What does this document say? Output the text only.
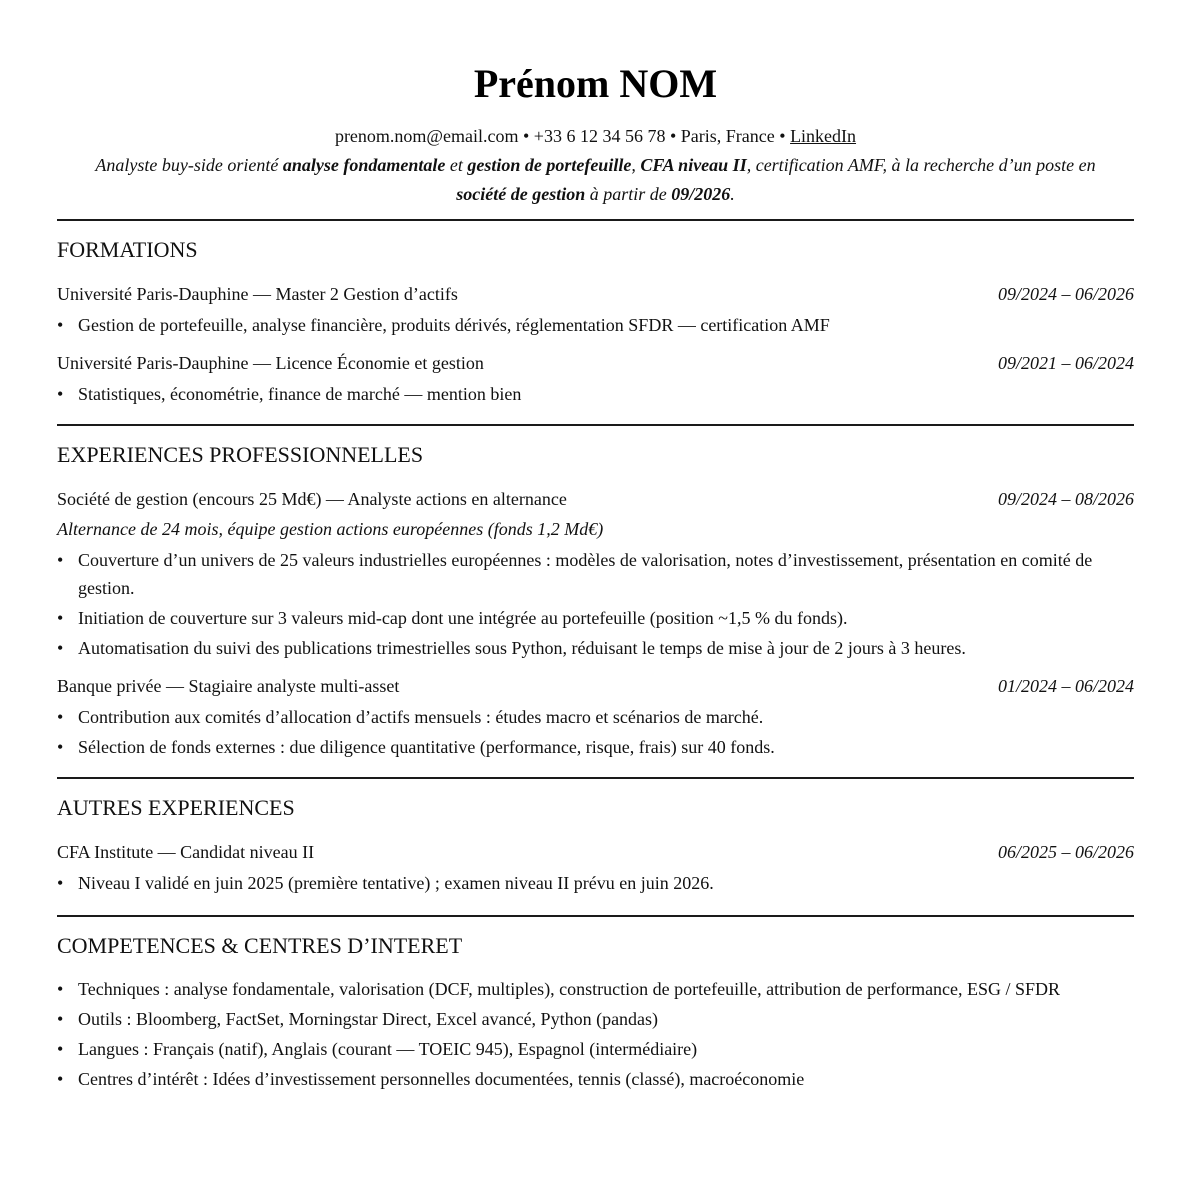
Prénom NOM
prenom.nom@email.com • +33 6 12 34 56 78 • Paris, France • LinkedIn
Analyste buy-side orienté analyse fondamentale et gestion de portefeuille, CFA niveau II, certification AMF, à la recherche d’un poste en société de gestion à partir de 09/2026.
FORMATIONS
Université Paris-Dauphine — Master 2 Gestion d’actifs	09/2024 – 06/2026
• Gestion de portefeuille, analyse financière, produits dérivés, réglementation SFDR — certification AMF
Université Paris-Dauphine — Licence Économie et gestion	09/2021 – 06/2024
• Statistiques, économétrie, finance de marché — mention bien
EXPERIENCES PROFESSIONNELLES
Société de gestion (encours 25 Md€) — Analyste actions en alternance	09/2024 – 08/2026
Alternance de 24 mois, équipe gestion actions européennes (fonds 1,2 Md€)
• Couverture d’un univers de 25 valeurs industrielles européennes : modèles de valorisation, notes d’investissement, présentation en comité de gestion.
• Initiation de couverture sur 3 valeurs mid-cap dont une intégrée au portefeuille (position ~1,5 % du fonds).
• Automatisation du suivi des publications trimestrielles sous Python, réduisant le temps de mise à jour de 2 jours à 3 heures.
Banque privée — Stagiaire analyste multi-asset	01/2024 – 06/2024
• Contribution aux comités d’allocation d’actifs mensuels : études macro et scénarios de marché.
• Sélection de fonds externes : due diligence quantitative (performance, risque, frais) sur 40 fonds.
AUTRES EXPERIENCES
CFA Institute — Candidat niveau II	06/2025 – 06/2026
• Niveau I validé en juin 2025 (première tentative) ; examen niveau II prévu en juin 2026.
COMPETENCES & CENTRES D’INTERET
• Techniques : analyse fondamentale, valorisation (DCF, multiples), construction de portefeuille, attribution de performance, ESG / SFDR
• Outils : Bloomberg, FactSet, Morningstar Direct, Excel avancé, Python (pandas)
• Langues : Français (natif), Anglais (courant — TOEIC 945), Espagnol (intermédiaire)
• Centres d’intérêt : Idées d’investissement personnelles documentées, tennis (classé), macroéconomie
